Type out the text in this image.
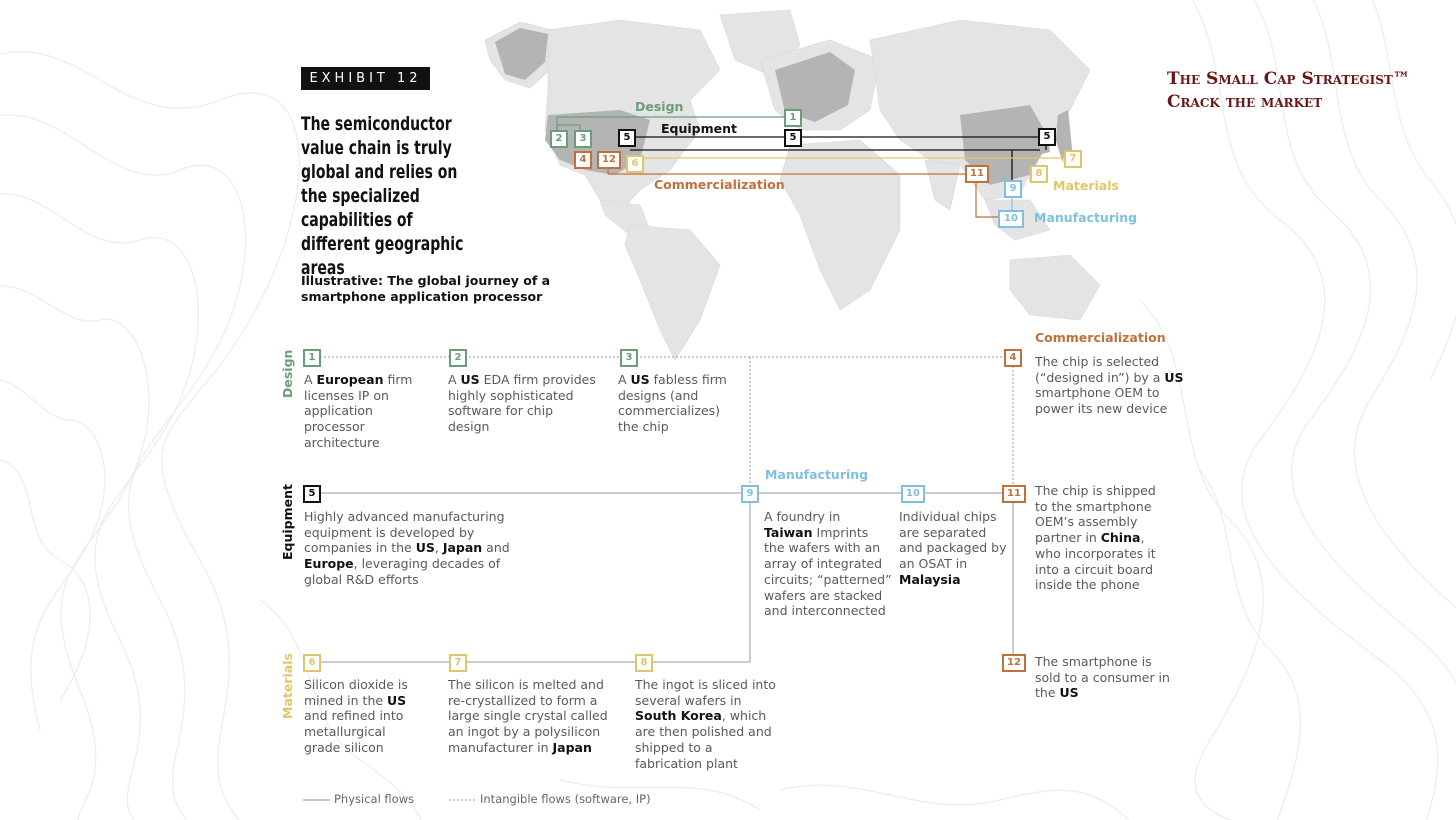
EXHIBIT 12
The semiconductor value chain is truly global and relies on the specialized capabilities of different geographic areas
Illustrative: The global journey of a smartphone application processor
The Small Cap Strategist™
Crack the market
Design
Equipment
Commercialization	Materials
Manufacturing
1
2	3
4
5	5	5
6	7
8
9
10
12
11
Design
Equipment
Materials
Commercialization
Manufacturing
1	2	3	4
5	9	10	11
6	7	8	12
A European firm licenses IP on application processor architecture
A US EDA firm provides highly sophisticated software for chip design
A US fabless firm designs (and commercializes) the chip
The chip is selected (“designed in”) by a US smartphone OEM to power its new device
Highly advanced manufacturing equipment is developed by companies in the US, Japan and Europe, leveraging decades of global R&D efforts
A foundry in Taiwan Imprints the wafers with an array of integrated circuits; “patterned” wafers are stacked and interconnected
Individual chips are separated and packaged by an OSAT in Malaysia
The chip is shipped to the smartphone OEM’s assembly partner in China, who incorporates it into a circuit board inside the phone
Silicon dioxide is mined in the US and refined into metallurgical grade silicon
The silicon is melted and re-crystallized to form a large single crystal called an ingot by a polysilicon manufacturer in Japan
The ingot is sliced into several wafers in South Korea, which are then polished and shipped to a fabrication plant
The smartphone is sold to a consumer in the US
Physical flows	Intangible flows (software, IP)
